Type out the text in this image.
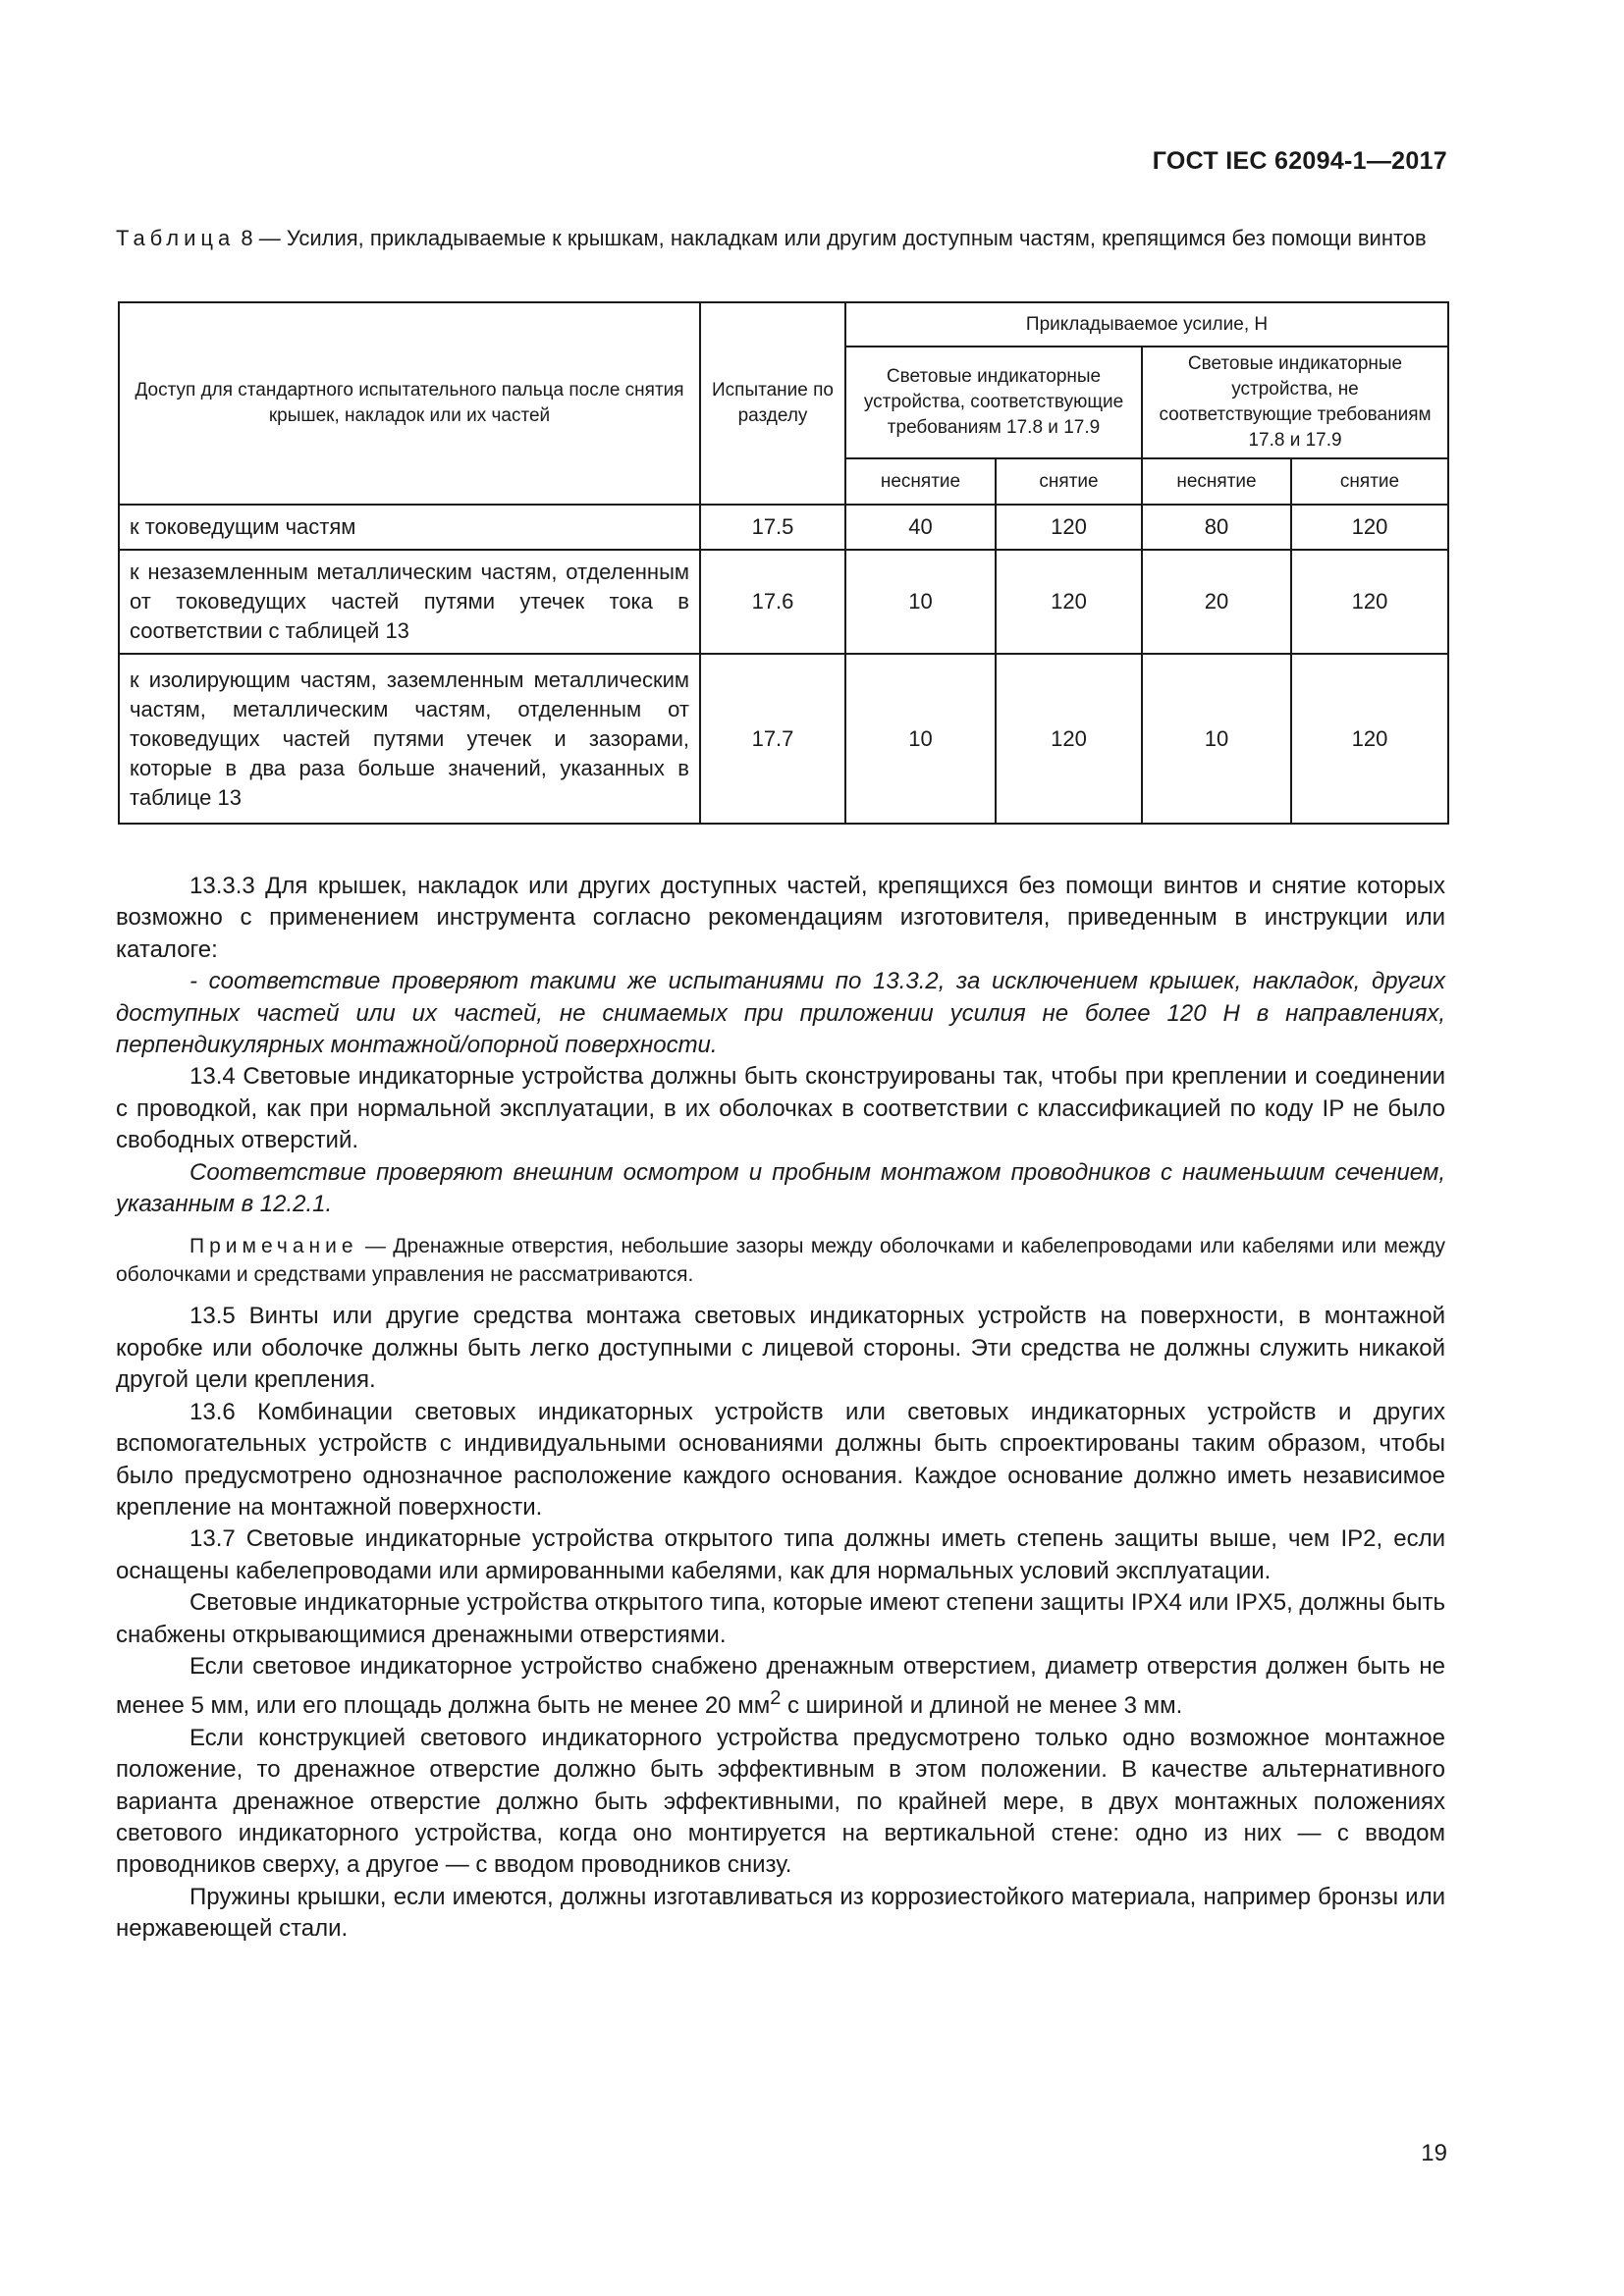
ГОСТ IEC 62094-1—2017
Таблица 8 — Усилия, прикладываемые к крышкам, накладкам или другим доступным частям, крепящимся без помощи винтов
Доступ для стандартного испытательного пальца после снятия крышек, накладок или их частей	Испытание по разделу	Прикладываемое усилие, Н			
		Световые индикаторные устройства, соответствующие требованиям 17.8 и 17.9		Световые индикаторные устройства, не соответствующие требованиям 17.8 и 17.9	
		неснятие	снятие	неснятие	снятие
к токоведущим частям	17.5	40	120	80	120
к незаземленным металлическим частям, отделенным от токоведущих частей путями утечек тока в соответствии с таблицей 13	17.6	10	120	20	120
к изолирующим частям, заземленным металлическим частям, металлическим частям, отделенным от токоведущих частей путями утечек и зазорами, которые в два раза больше значений, указанных в таблице 13	17.7	10	120	10	120

13.3.3 Для крышек, накладок или других доступных частей, крепящихся без помощи винтов и снятие которых возможно с применением инструмента согласно рекомендациям изготовителя, приведенным в инструкции или каталоге:

- соответствие проверяют такими же испытаниями по 13.3.2, за исключением крышек, накладок, других доступных частей или их частей, не снимаемых при приложении усилия не более 120 Н в направлениях, перпендикулярных монтажной/опорной поверхности.

13.4 Световые индикаторные устройства должны быть сконструированы так, чтобы при креплении и соединении с проводкой, как при нормальной эксплуатации, в их оболочках в соответствии с классификацией по коду IP не было свободных отверстий.

Соответствие проверяют внешним осмотром и пробным монтажом проводников с наименьшим сечением, указанным в 12.2.1.

Примечание — Дренажные отверстия, небольшие зазоры между оболочками и кабелепроводами или кабелями или между оболочками и средствами управления не рассматриваются.

13.5 Винты или другие средства монтажа световых индикаторных устройств на поверхности, в монтажной коробке или оболочке должны быть легко доступными с лицевой стороны. Эти средства не должны служить никакой другой цели крепления.

13.6 Комбинации световых индикаторных устройств или световых индикаторных устройств и других вспомогательных устройств с индивидуальными основаниями должны быть спроектированы таким образом, чтобы было предусмотрено однозначное расположение каждого основания. Каждое основание должно иметь независимое крепление на монтажной поверхности.

13.7 Световые индикаторные устройства открытого типа должны иметь степень защиты выше, чем IP2, если оснащены кабелепроводами или армированными кабелями, как для нормальных условий эксплуатации.

Световые индикаторные устройства открытого типа, которые имеют степени защиты IPX4 или IPX5, должны быть снабжены открывающимися дренажными отверстиями.

Если световое индикаторное устройство снабжено дренажным отверстием, диаметр отверстия должен быть не менее 5 мм, или его площадь должна быть не менее 20 $мм^2$ с шириной и длиной не менее 3 мм.

Если конструкцией светового индикаторного устройства предусмотрено только одно возможное монтажное положение, то дренажное отверстие должно быть эффективным в этом положении. В качестве альтернативного варианта дренажное отверстие должно быть эффективными, по крайней мере, в двух монтажных положениях светового индикаторного устройства, когда оно монтируется на вертикальной стене: одно из них — с вводом проводников сверху, а другое — с вводом проводников снизу.

Пружины крышки, если имеются, должны изготавливаться из коррозиестойкого материала, например бронзы или нержавеющей стали.

19
